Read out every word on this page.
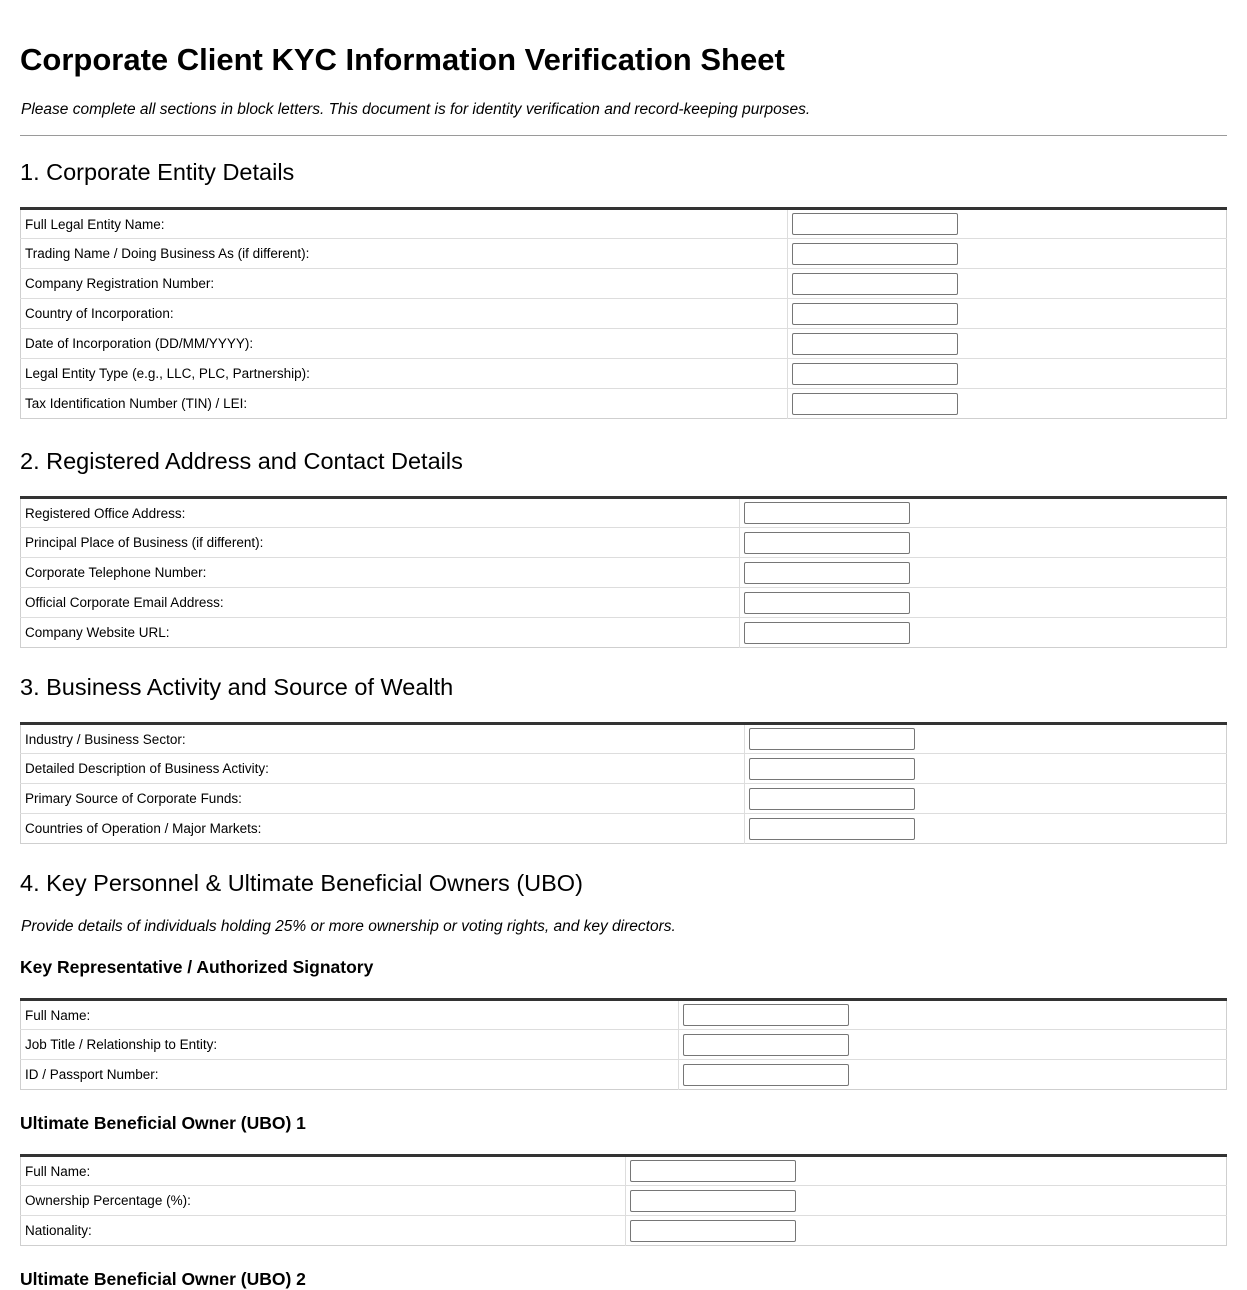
Corporate Client KYC Information Verification Sheet
Please complete all sections in block letters. This document is for identity verification and record-keeping purposes.
1. Corporate Entity Details
Full Legal Entity Name:	

Trading Name / Doing Business As (if different):	

Company Registration Number:	

Country of Incorporation:	

Date of Incorporation (DD/MM/YYYY):	

Legal Entity Type (e.g., LLC, PLC, Partnership):	

Tax Identification Number (TIN) / LEI:	
2. Registered Address and Contact Details
Registered Office Address:	

Principal Place of Business (if different):	

Corporate Telephone Number:	

Official Corporate Email Address:	

Company Website URL:	
3. Business Activity and Source of Wealth
Industry / Business Sector:	

Detailed Description of Business Activity:	

Primary Source of Corporate Funds:	

Countries of Operation / Major Markets:	
4. Key Personnel & Ultimate Beneficial Owners (UBO)
Provide details of individuals holding 25% or more ownership or voting rights, and key directors.
Key Representative / Authorized Signatory
Full Name:	

Job Title / Relationship to Entity:	

ID / Passport Number:	
Ultimate Beneficial Owner (UBO) 1
Full Name:	

Ownership Percentage (%):	

Nationality:	
Ultimate Beneficial Owner (UBO) 2
